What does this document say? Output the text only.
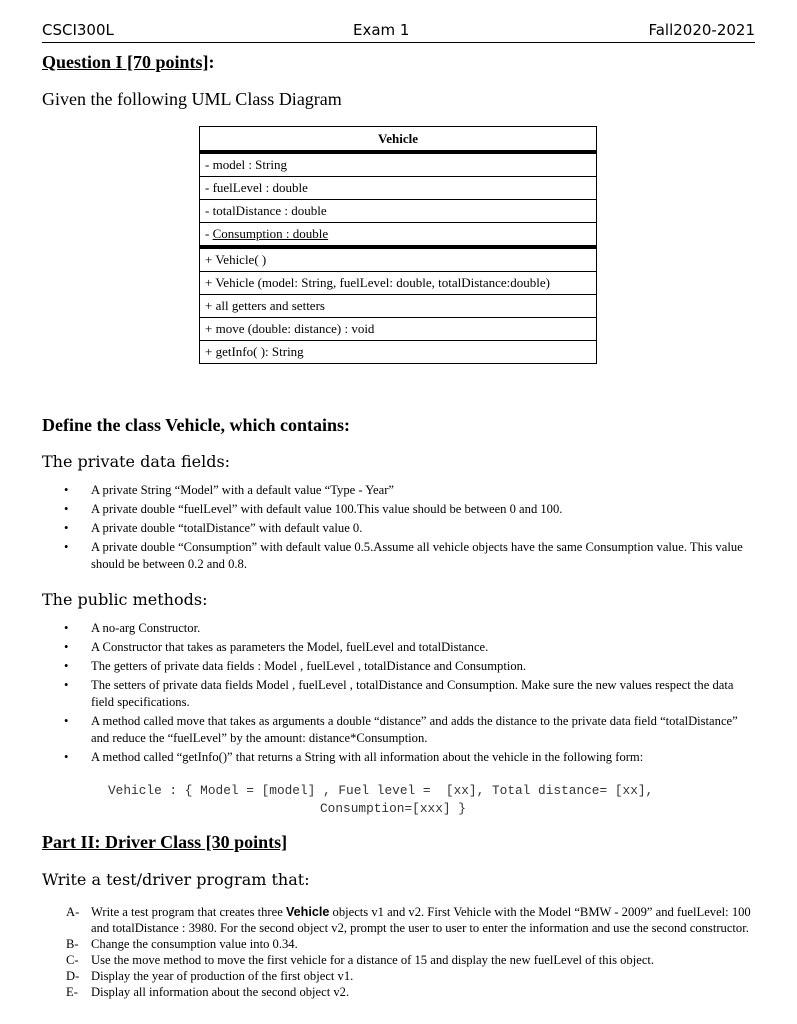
CSCI300L	Exam 1	Fall2020-2021
Question I [70 points]:
Given the following UML Class Diagram
Vehicle
- model : String
- fuelLevel : double
- totalDistance : double
- Consumption : double
+ Vehicle( )
+ Vehicle (model: String, fuelLevel: double, totalDistance:double)
+ all getters and setters
+ move (double: distance) : void
+ getInfo( ): String
Define the class Vehicle, which contains:
The private data fields:
• A private String “Model” with a default value “Type - Year”
• A private double “fuelLevel” with default value 100.This value should be between 0 and 100.
• A private double “totalDistance” with default value 0.
• A private double “Consumption” with default value 0.5.Assume all vehicle objects have the same Consumption value. This value should be between 0.2 and 0.8.
The public methods:
• A no-arg Constructor.
• A Constructor that takes as parameters the Model, fuelLevel and totalDistance.
• The getters of private data fields : Model , fuelLevel , totalDistance and Consumption.
• The setters of private data fields Model , fuelLevel , totalDistance and Consumption. Make sure the new values respect the data field specifications.
• A method called move that takes as arguments a double “distance” and adds the distance to the private data field “totalDistance” and reduce the “fuelLevel” by the amount: distance*Consumption.
• A method called “getInfo()” that returns a String with all information about the vehicle in the following form:
Vehicle : { Model = [model] , Fuel level =  [xx], Total distance= [xx],
Consumption=[xxx] }
Part II: Driver Class [30 points]
Write a test/driver program that:
A- Write a test program that creates three Vehicle objects v1 and v2. First Vehicle with the Model “BMW - 2009” and fuelLevel: 100 and totalDistance : 3980. For the second object v2, prompt the user to user to enter the information and use the second constructor.
B- Change the consumption value into 0.34.
C- Use the move method to move the first vehicle for a distance of 15 and display the new fuelLevel of this object.
D- Display the year of production of the first object v1.
E- Display all information about the second object v2.
